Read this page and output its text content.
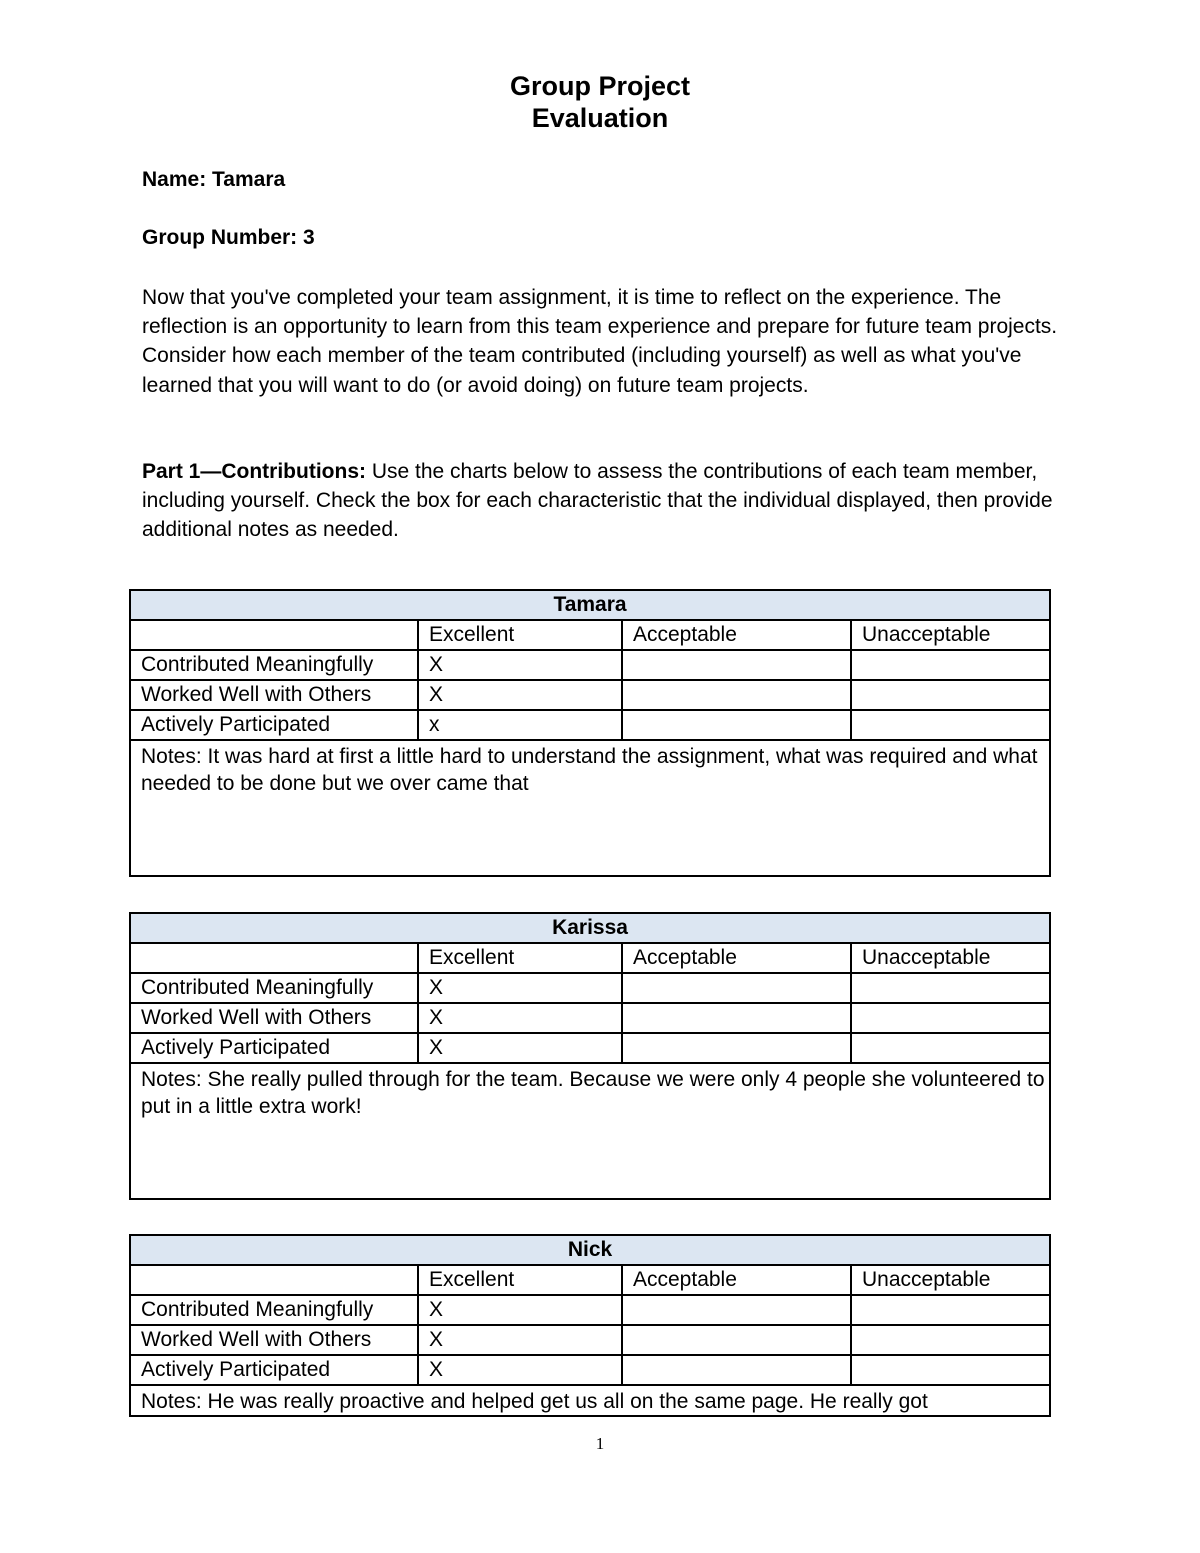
Group Project
Evaluation
Name: Tamara
Group Number: 3
Now that you've completed your team assignment, it is time to reflect on the experience. The reflection is an opportunity to learn from this team experience and prepare for future team projects. Consider how each member of the team contributed (including yourself) as well as what you've learned that you will want to do (or avoid doing) on future team projects.
Part 1—Contributions: Use the charts below to assess the contributions of each team member, including yourself. Check the box for each characteristic that the individual displayed, then provide additional notes as needed.
Tamara			
	Excellent	Acceptable	Unacceptable
Contributed Meaningfully	X		
Worked Well with Others	X		
Actively Participated	x		
Notes: It was hard at first a little hard to understand the assignment, what was required and what needed to be done but we over came that			
Karissa			
	Excellent	Acceptable	Unacceptable
Contributed Meaningfully	X		
Worked Well with Others	X		
Actively Participated	X		
Notes: She really pulled through for the team. Because we were only 4 people she volunteered to put in a little extra work!			
Nick			
	Excellent	Acceptable	Unacceptable
Contributed Meaningfully	X		
Worked Well with Others	X		
Actively Participated	X		
Notes: He was really proactive and helped get us all on the same page. He really got			
1
